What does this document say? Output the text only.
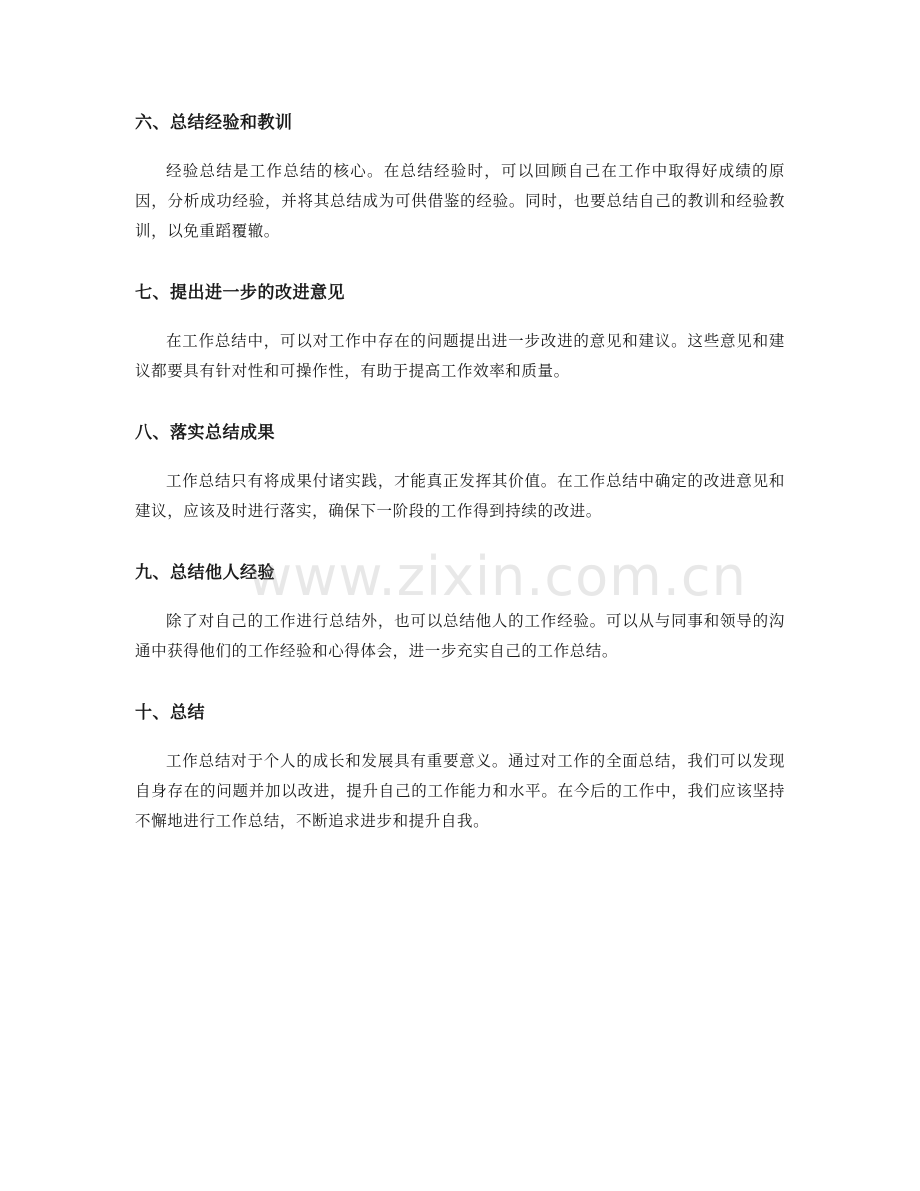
六、总结经验和教训

经验总结是工作总结的核心。在总结经验时，可以回顾自己在工作中取得好成绩的原因，分析成功经验，并将其总结成为可供借鉴的经验。同时，也要总结自己的教训和经验教训，以免重蹈覆辙。

七、提出进一步的改进意见

在工作总结中，可以对工作中存在的问题提出进一步改进的意见和建议。这些意见和建议都要具有针对性和可操作性，有助于提高工作效率和质量。

八、落实总结成果

工作总结只有将成果付诸实践，才能真正发挥其价值。在工作总结中确定的改进意见和建议，应该及时进行落实，确保下一阶段的工作得到持续的改进。

九、总结他人经验

除了对自己的工作进行总结外，也可以总结他人的工作经验。可以从与同事和领导的沟通中获得他们的工作经验和心得体会，进一步充实自己的工作总结。

十、总结

工作总结对于个人的成长和发展具有重要意义。通过对工作的全面总结，我们可以发现自身存在的问题并加以改进，提升自己的工作能力和水平。在今后的工作中，我们应该坚持不懈地进行工作总结，不断追求进步和提升自我。

www.zixin.com.cn
